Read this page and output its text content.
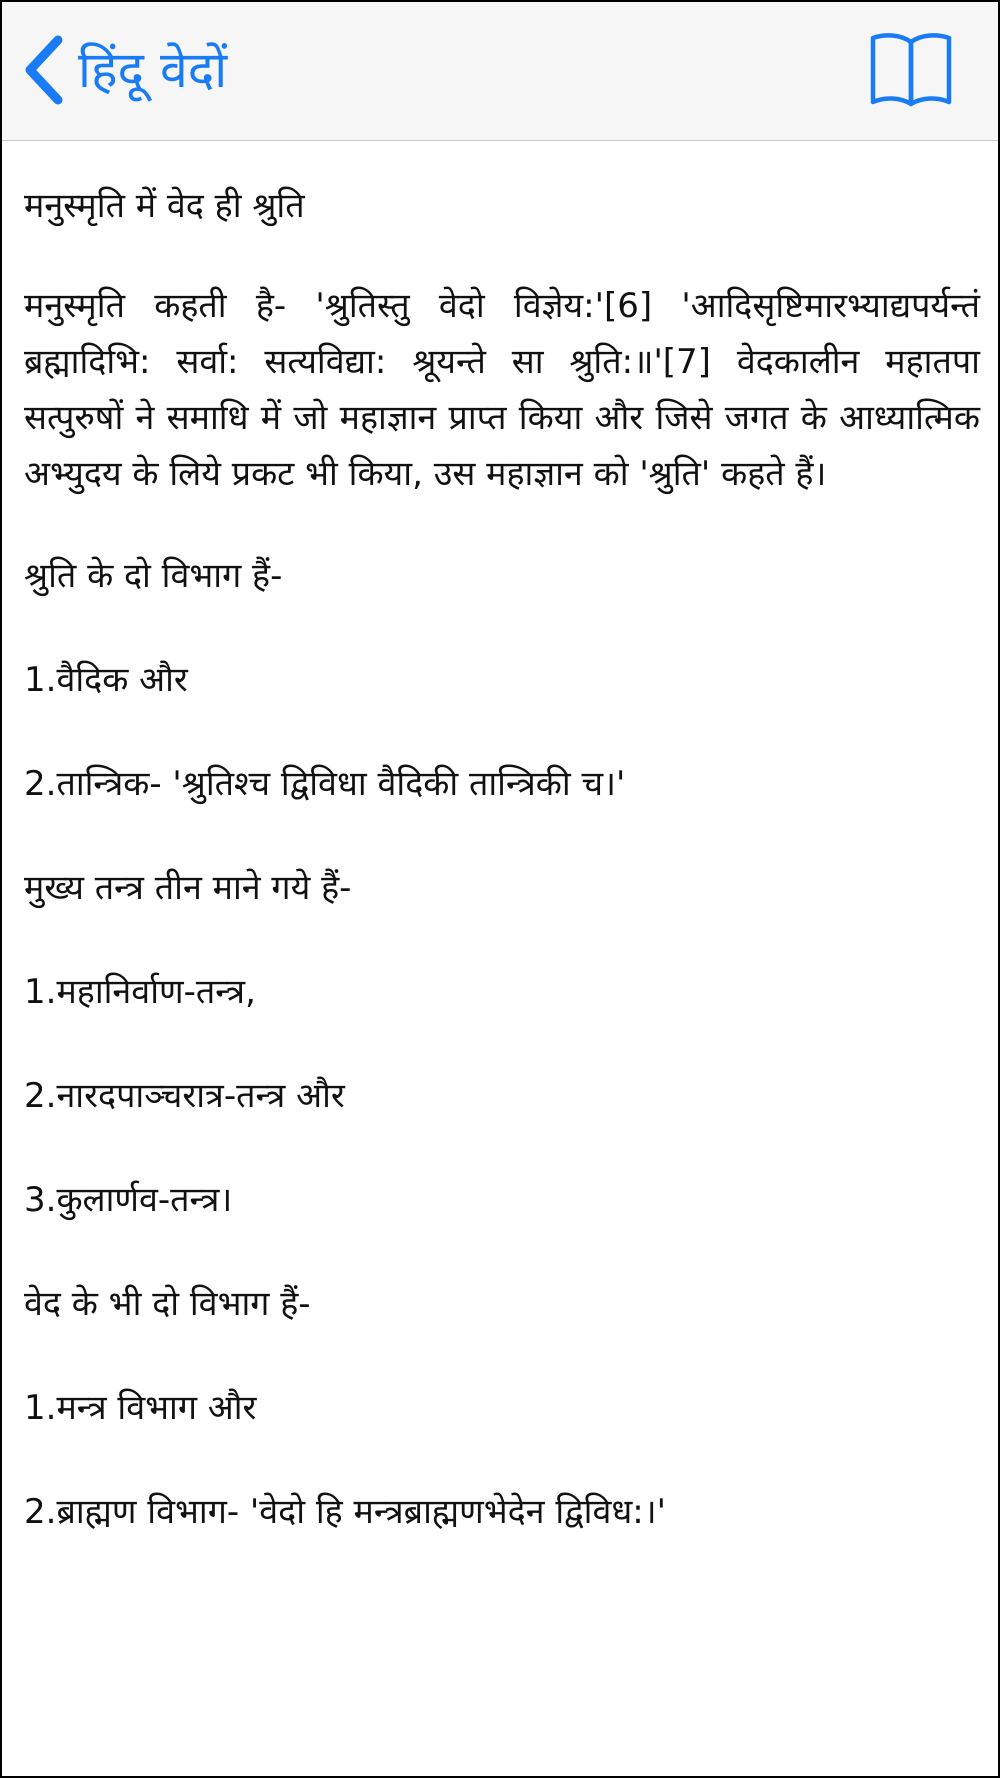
हिंदू वेदों

मनुस्मृति में वेद ही श्रुति

मनुस्मृति कहती है- 'श्रुतिस्तु वेदो विज्ञेय:'[6] 'आदिसृष्टिमारभ्याद्यपर्यन्तं ब्रह्मादिभि: सर्वा: सत्यविद्या: श्रूयन्ते सा श्रुति:॥'[7] वेदकालीन महातपा सत्पुरुषों ने समाधि में जो महाज्ञान प्राप्त किया और जिसे जगत के आध्यात्मिक अभ्युदय के लिये प्रकट भी किया, उस महाज्ञान को 'श्रुति' कहते हैं।

श्रुति के दो विभाग हैं-

1.वैदिक और

2.तान्त्रिक- 'श्रुतिश्च द्विविधा वैदिकी तान्त्रिकी च।'

मुख्य तन्त्र तीन माने गये हैं-

1.महानिर्वाण-तन्त्र,

2.नारदपाञ्चरात्र-तन्त्र और

3.कुलार्णव-तन्त्र।

वेद के भी दो विभाग हैं-

1.मन्त्र विभाग और

2.ब्राह्मण विभाग- 'वेदो हि मन्त्रब्राह्मणभेदेन द्विविध:।'
